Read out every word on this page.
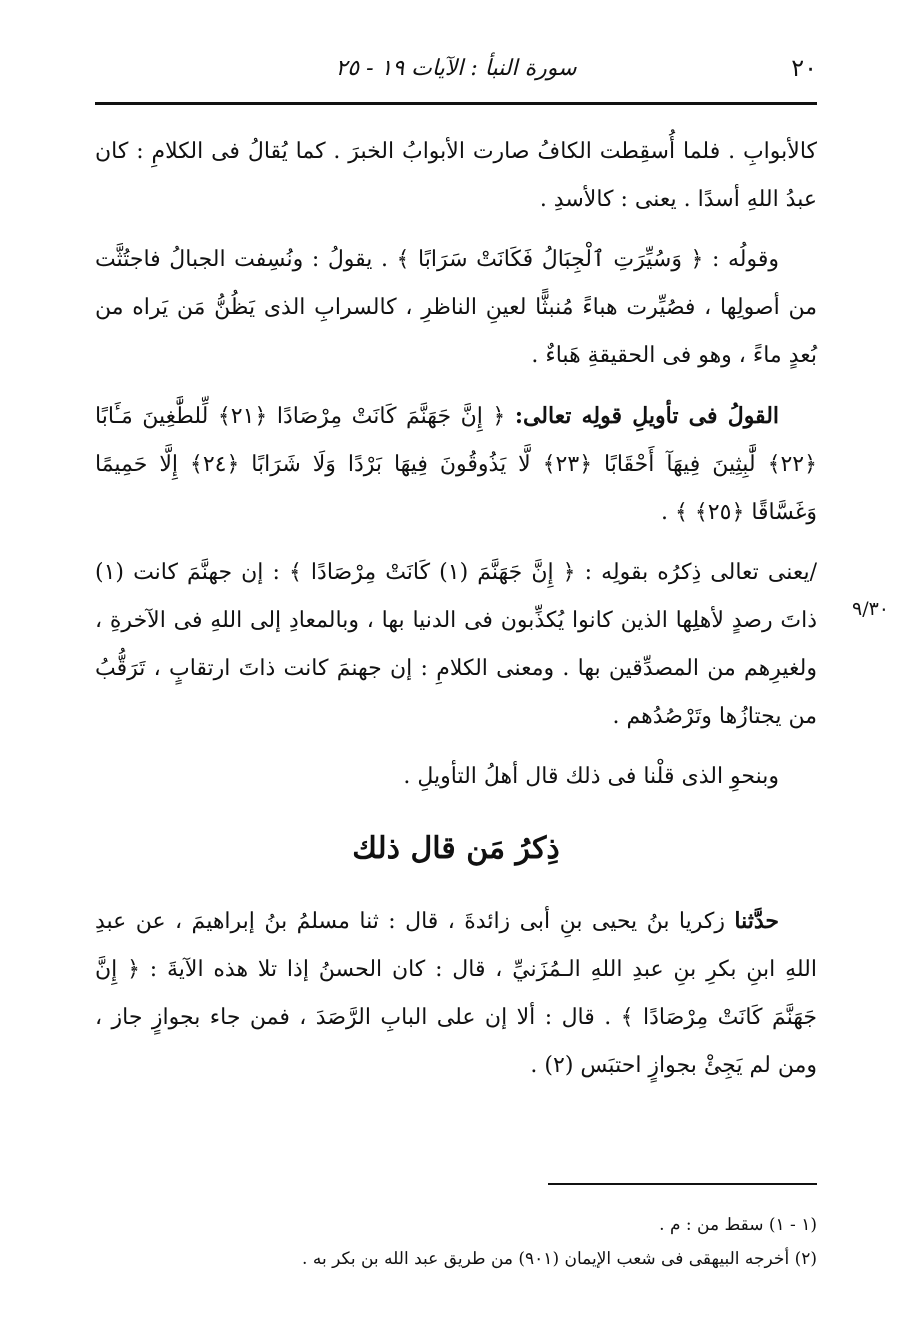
٢٠
سورة النبأ : الآيات ١٩ - ٢٥
٩/٣٠

كالأبوابِ . فلما أُسقِطت الكافُ صارت الأبوابُ الخبرَ . كما يُقالُ فى الكلامِ : كان عبدُ اللهِ أسدًا . يعنى : كالأسدِ .

وقولُه : ﴿ وَسُيِّرَتِ ٱلْجِبَالُ فَكَانَتْ سَرَابًا ﴾ . يقولُ : ونُسِفت الجبالُ فاجتُثَّت من أصولِها ، فصُيِّرت هباءً مُنبثًّا لعينِ الناظرِ ، كالسرابِ الذى يَظُنُّ مَن يَراه من بُعدٍ ماءً ، وهو فى الحقيقةِ هَباءٌ .

القولُ فى تأويلِ قولِه تعالى: ﴿ إِنَّ جَهَنَّمَ كَانَتْ مِرْصَادًا ﴿٢١﴾ لِّلطَّٰغِينَ مَـَٔابًا ﴿٢٢﴾ لَّٰبِثِينَ فِيهَآ أَحْقَابًا ﴿٢٣﴾ لَّا يَذُوقُونَ فِيهَا بَرْدًا وَلَا شَرَابًا ﴿٢٤﴾ إِلَّا حَمِيمًا وَغَسَّاقًا ﴿٢٥﴾ ﴾ .

/يعنى تعالى ذِكرُه بقولِه : ﴿ إِنَّ جَهَنَّمَ (١) كَانَتْ مِرْصَادًا ﴾ : إن جهنَّمَ كانت (١) ذاتَ رصدٍ لأهلِها الذين كانوا يُكذِّبون فى الدنيا بها ، وبالمعادِ إلى اللهِ فى الآخرةِ ، ولغيرِهم من المصدِّقين بها . ومعنى الكلامِ : إن جهنمَ كانت ذاتَ ارتقابٍ ، تَرَقُّبُ من يجتازُها وتَرْصُدُهم .

وبنحوِ الذى قلْنا فى ذلك قال أهلُ التأويلِ .

ذِكرُ مَن قال ذلك

حدَّثنا زكريا بنُ يحيى بنِ أبى زائدةَ ، قال : ثنا مسلمُ بنُ إبراهيمَ ، عن عبدِ اللهِ ابنِ بكرِ بنِ عبدِ اللهِ الـمُزَنيِّ ، قال : كان الحسنُ إذا تلا هذه الآيةَ : ﴿ إِنَّ جَهَنَّمَ كَانَتْ مِرْصَادًا ﴾ . قال : ألا إن على البابِ الرَّصَدَ ، فمن جاء بجوازٍ جاز ، ومن لم يَجِئْ بجوازٍ احتبَس (٢) .

(١ - ١) سقط من : م .

(٢) أخرجه البيهقى فى شعب الإيمان (٩٠١) من طريق عبد الله بن بكر به .
